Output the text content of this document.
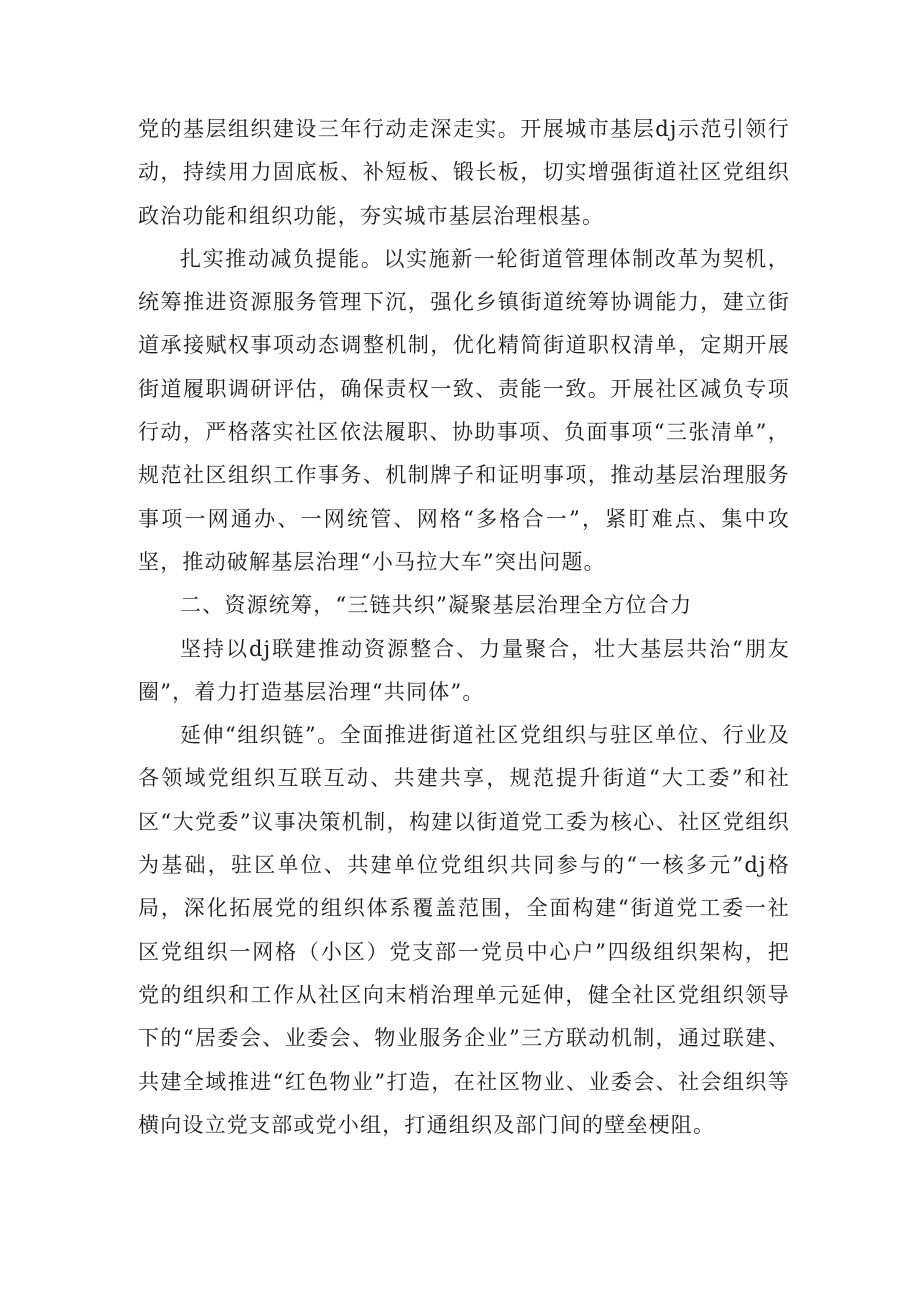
党的基层组织建设三年行动走深走实。开展城市基层dj示范引领行动，持续用力固底板、补短板、锻长板，切实增强街道社区党组织政治功能和组织功能，夯实城市基层治理根基。

扎实推动减负提能。以实施新一轮街道管理体制改革为契机，统筹推进资源服务管理下沉，强化乡镇街道统筹协调能力，建立街道承接赋权事项动态调整机制，优化精简街道职权清单，定期开展街道履职调研评估，确保责权一致、责能一致。开展社区减负专项行动，严格落实社区依法履职、协助事项、负面事项“三张清单”，规范社区组织工作事务、机制牌子和证明事项，推动基层治理服务事项一网通办、一网统管、网格“多格合一”，紧盯难点、集中攻坚，推动破解基层治理“小马拉大车”突出问题。

二、资源统筹，“三链共织”凝聚基层治理全方位合力

坚持以dj联建推动资源整合、力量聚合，壮大基层共治“朋友圈”，着力打造基层治理“共同体”。

延伸“组织链”。全面推进街道社区党组织与驻区单位、行业及各领域党组织互联互动、共建共享，规范提升街道“大工委”和社区“大党委”议事决策机制，构建以街道党工委为核心、社区党组织为基础，驻区单位、共建单位党组织共同参与的“一核多元”dj格局，深化拓展党的组织体系覆盖范围，全面构建“街道党工委一社区党组织一网格（小区）党支部一党员中心户”四级组织架构，把党的组织和工作从社区向末梢治理单元延伸，健全社区党组织领导下的“居委会、业委会、物业服务企业”三方联动机制，通过联建、共建全域推进“红色物业”打造，在社区物业、业委会、社会组织等横向设立党支部或党小组，打通组织及部门间的壁垒梗阻。
